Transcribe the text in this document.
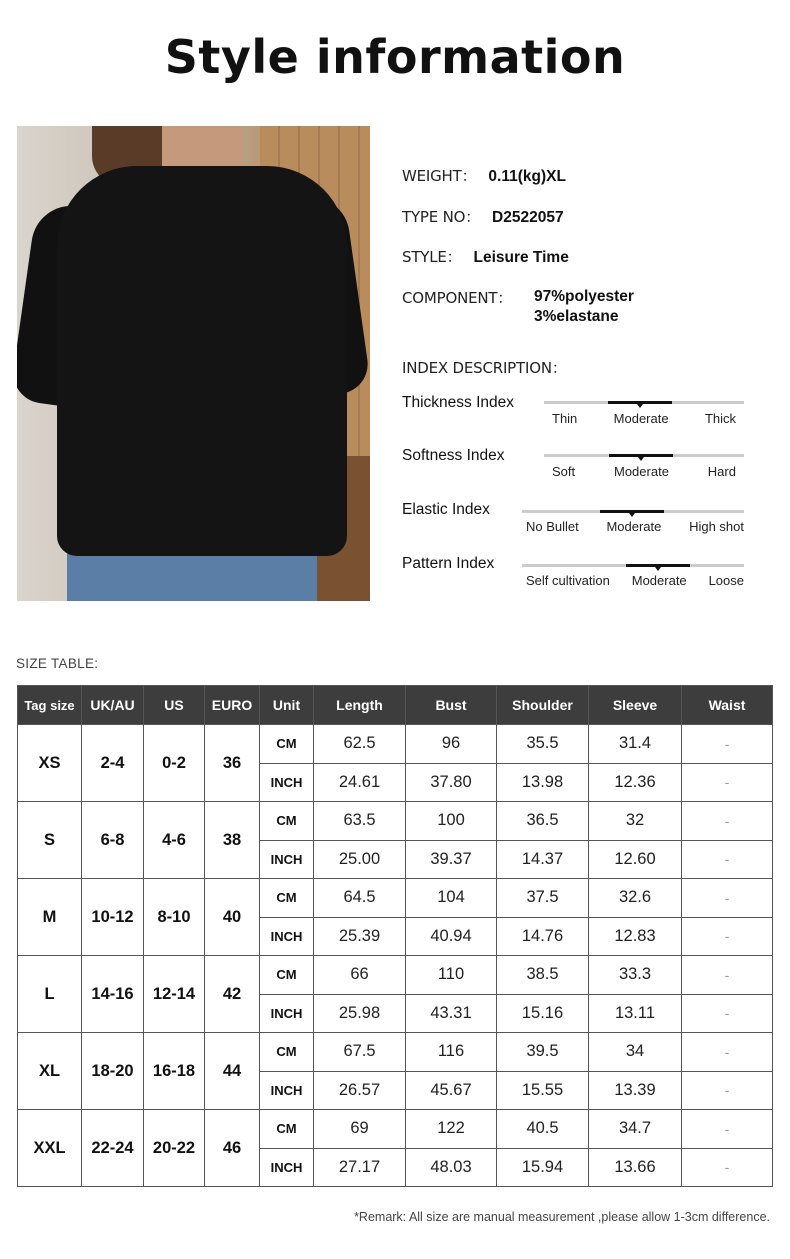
Style information
WEIGHT： 0.11(kg)XL
TYPE NO： D2522057
STYLE： Leisure Time
COMPONENT： 97%polyester
3%elastane
INDEX DESCRIPTION：
Thickness Index
Thin	Moderate	Thick
Softness Index
Soft	Moderate	Hard
Elastic Index
No Bullet Moderate High shot
Pattern Index
Self cultivation Moderate Loose
SIZE TABLE:
Tag size	UK/AU	US	EURO	Unit	Length	Bust	Shoulder	Sleeve	Waist
XS	2-4	0-2	36	CM	62.5	96	35.5	31.4	-
				INCH	24.61	37.80	13.98	12.36	-
S	6-8	4-6	38	CM	63.5	100	36.5	32	-
				INCH	25.00	39.37	14.37	12.60	-
M	10-12	8-10	40	CM	64.5	104	37.5	32.6	-
				INCH	25.39	40.94	14.76	12.83	-
L	14-16	12-14	42	CM	66	110	38.5	33.3	-
				INCH	25.98	43.31	15.16	13.11	-
XL	18-20	16-18	44	CM	67.5	116	39.5	34	-
				INCH	26.57	45.67	15.55	13.39	-
XXL	22-24	20-22	46	CM	69	122	40.5	34.7	-
				INCH	27.17	48.03	15.94	13.66	-
*Remark: All size are manual measurement ,please allow 1-3cm difference.
